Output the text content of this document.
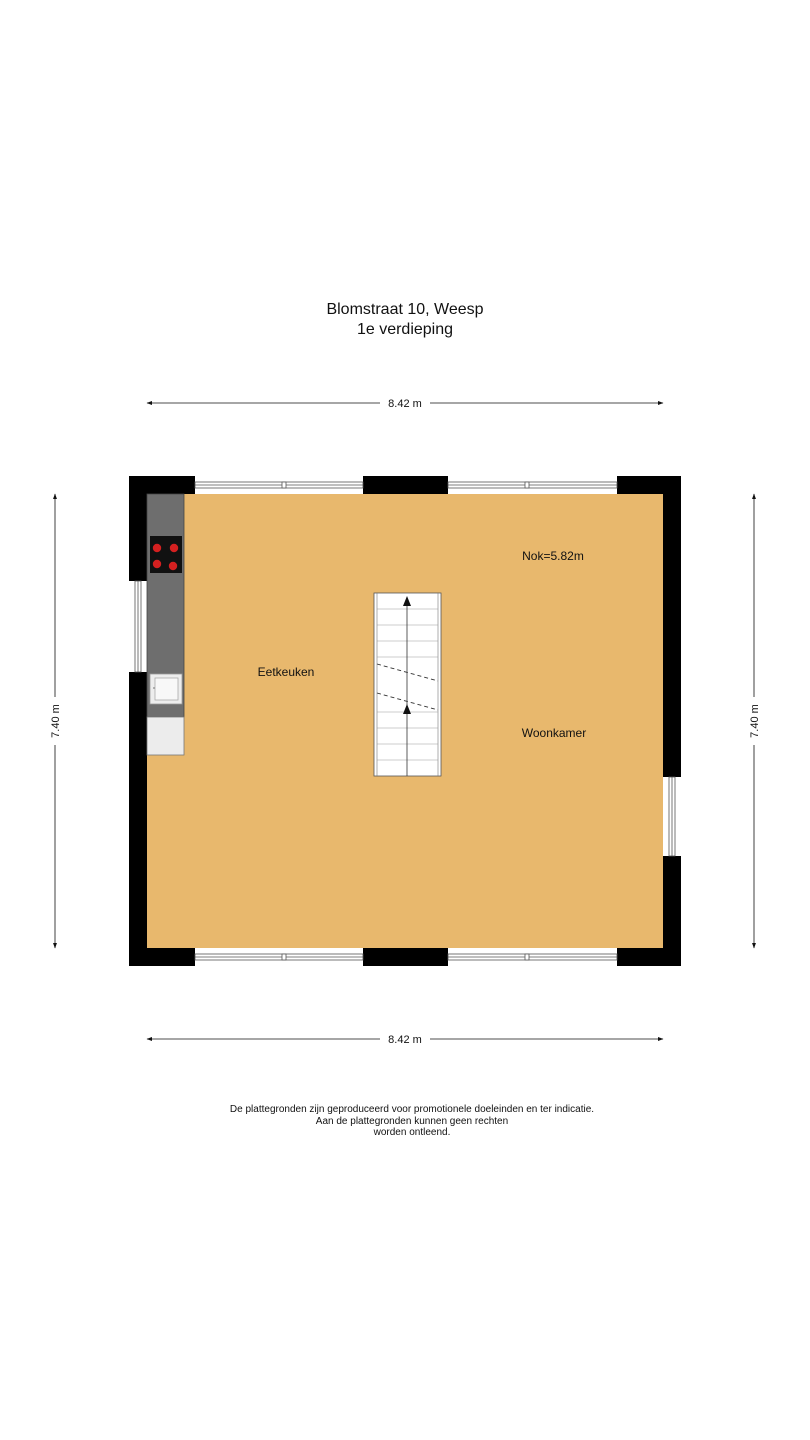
Blomstraat 10, Weesp
1e verdieping
8.42 m
8.42 m
7.40 m	7.40 m
Eetkeuken
Woonkamer
Nok=5.82m
De plattegronden zijn geproduceerd voor promotionele doeleinden en ter indicatie.
Aan de plattegronden kunnen geen rechten
worden ontleend.
